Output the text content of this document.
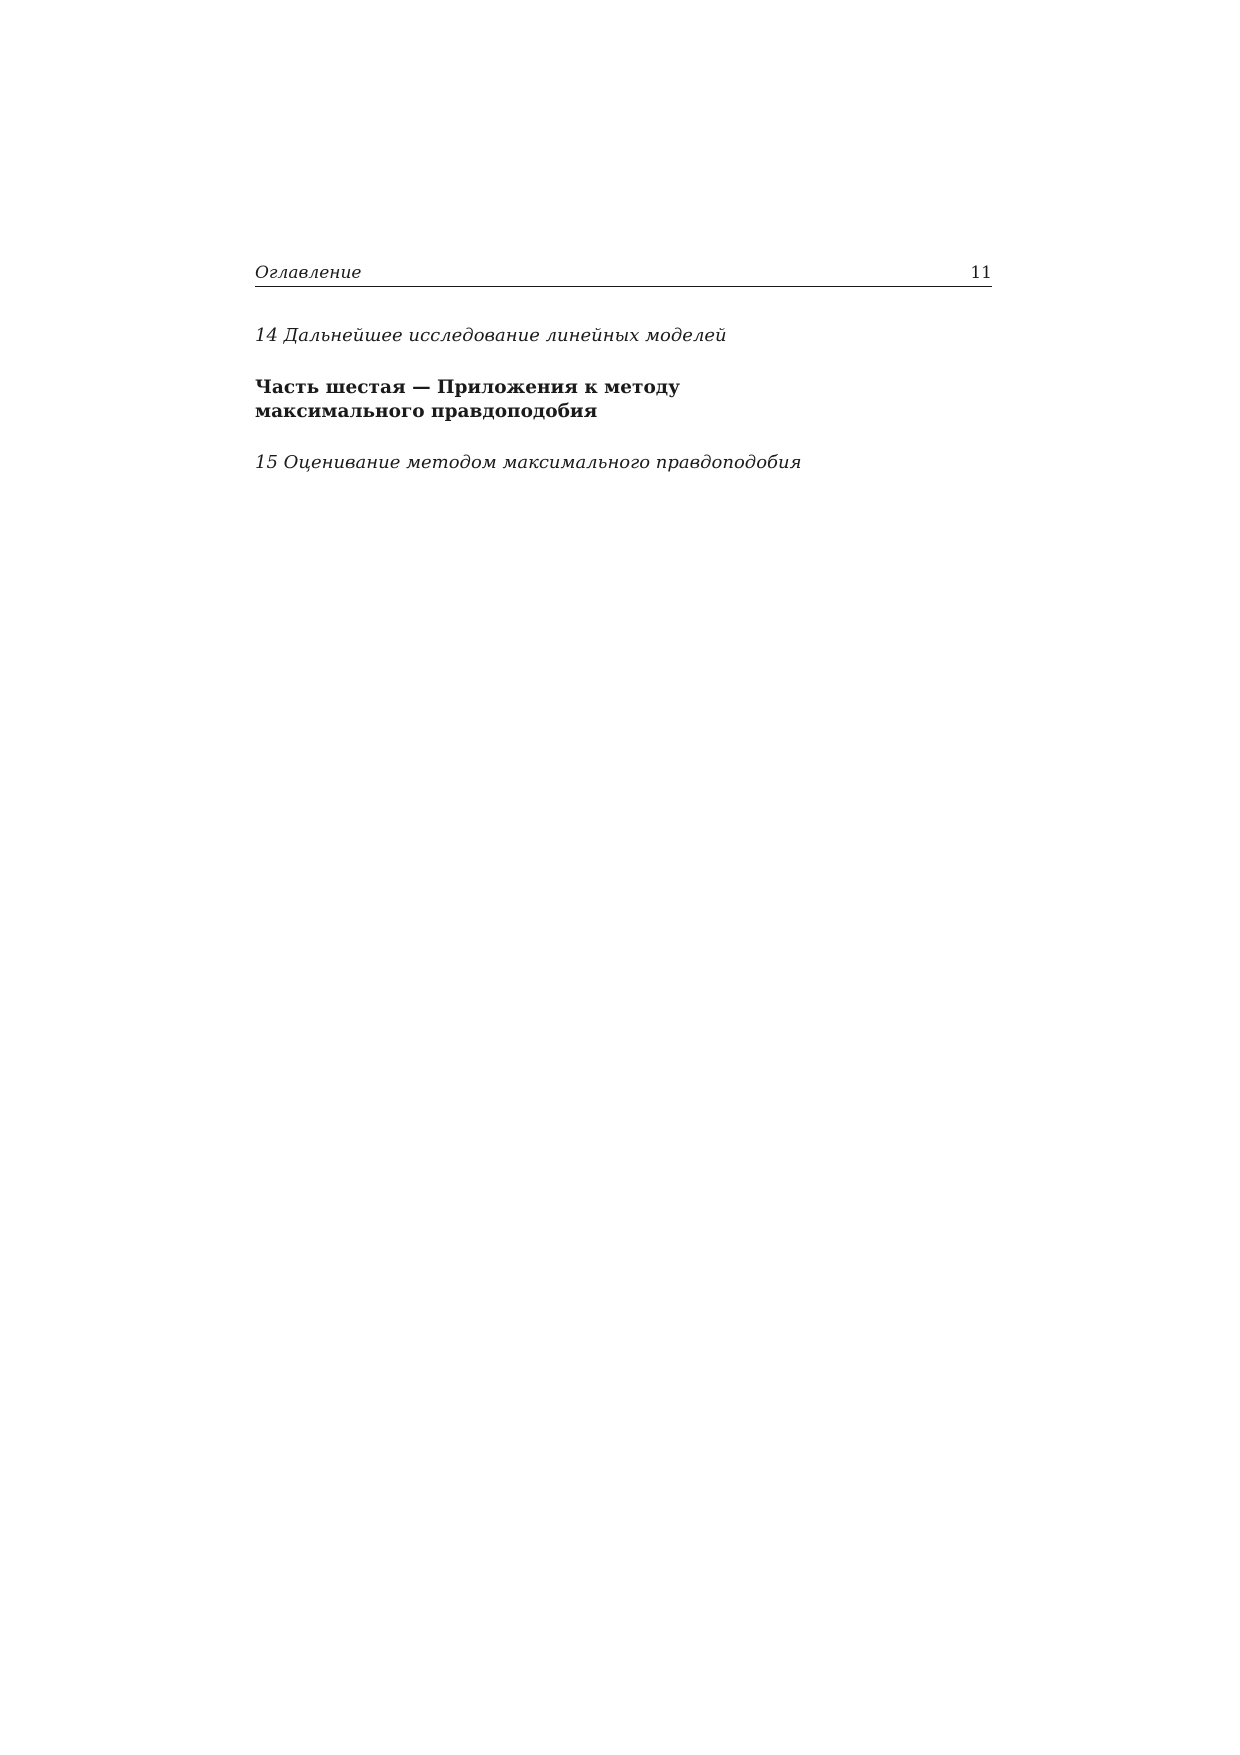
Оглавление	11
14 Дальнейшее исследование линейных моделей
Часть шестая — Приложения к методу максимального правдоподобия
15 Оценивание методом максимального правдоподобия
